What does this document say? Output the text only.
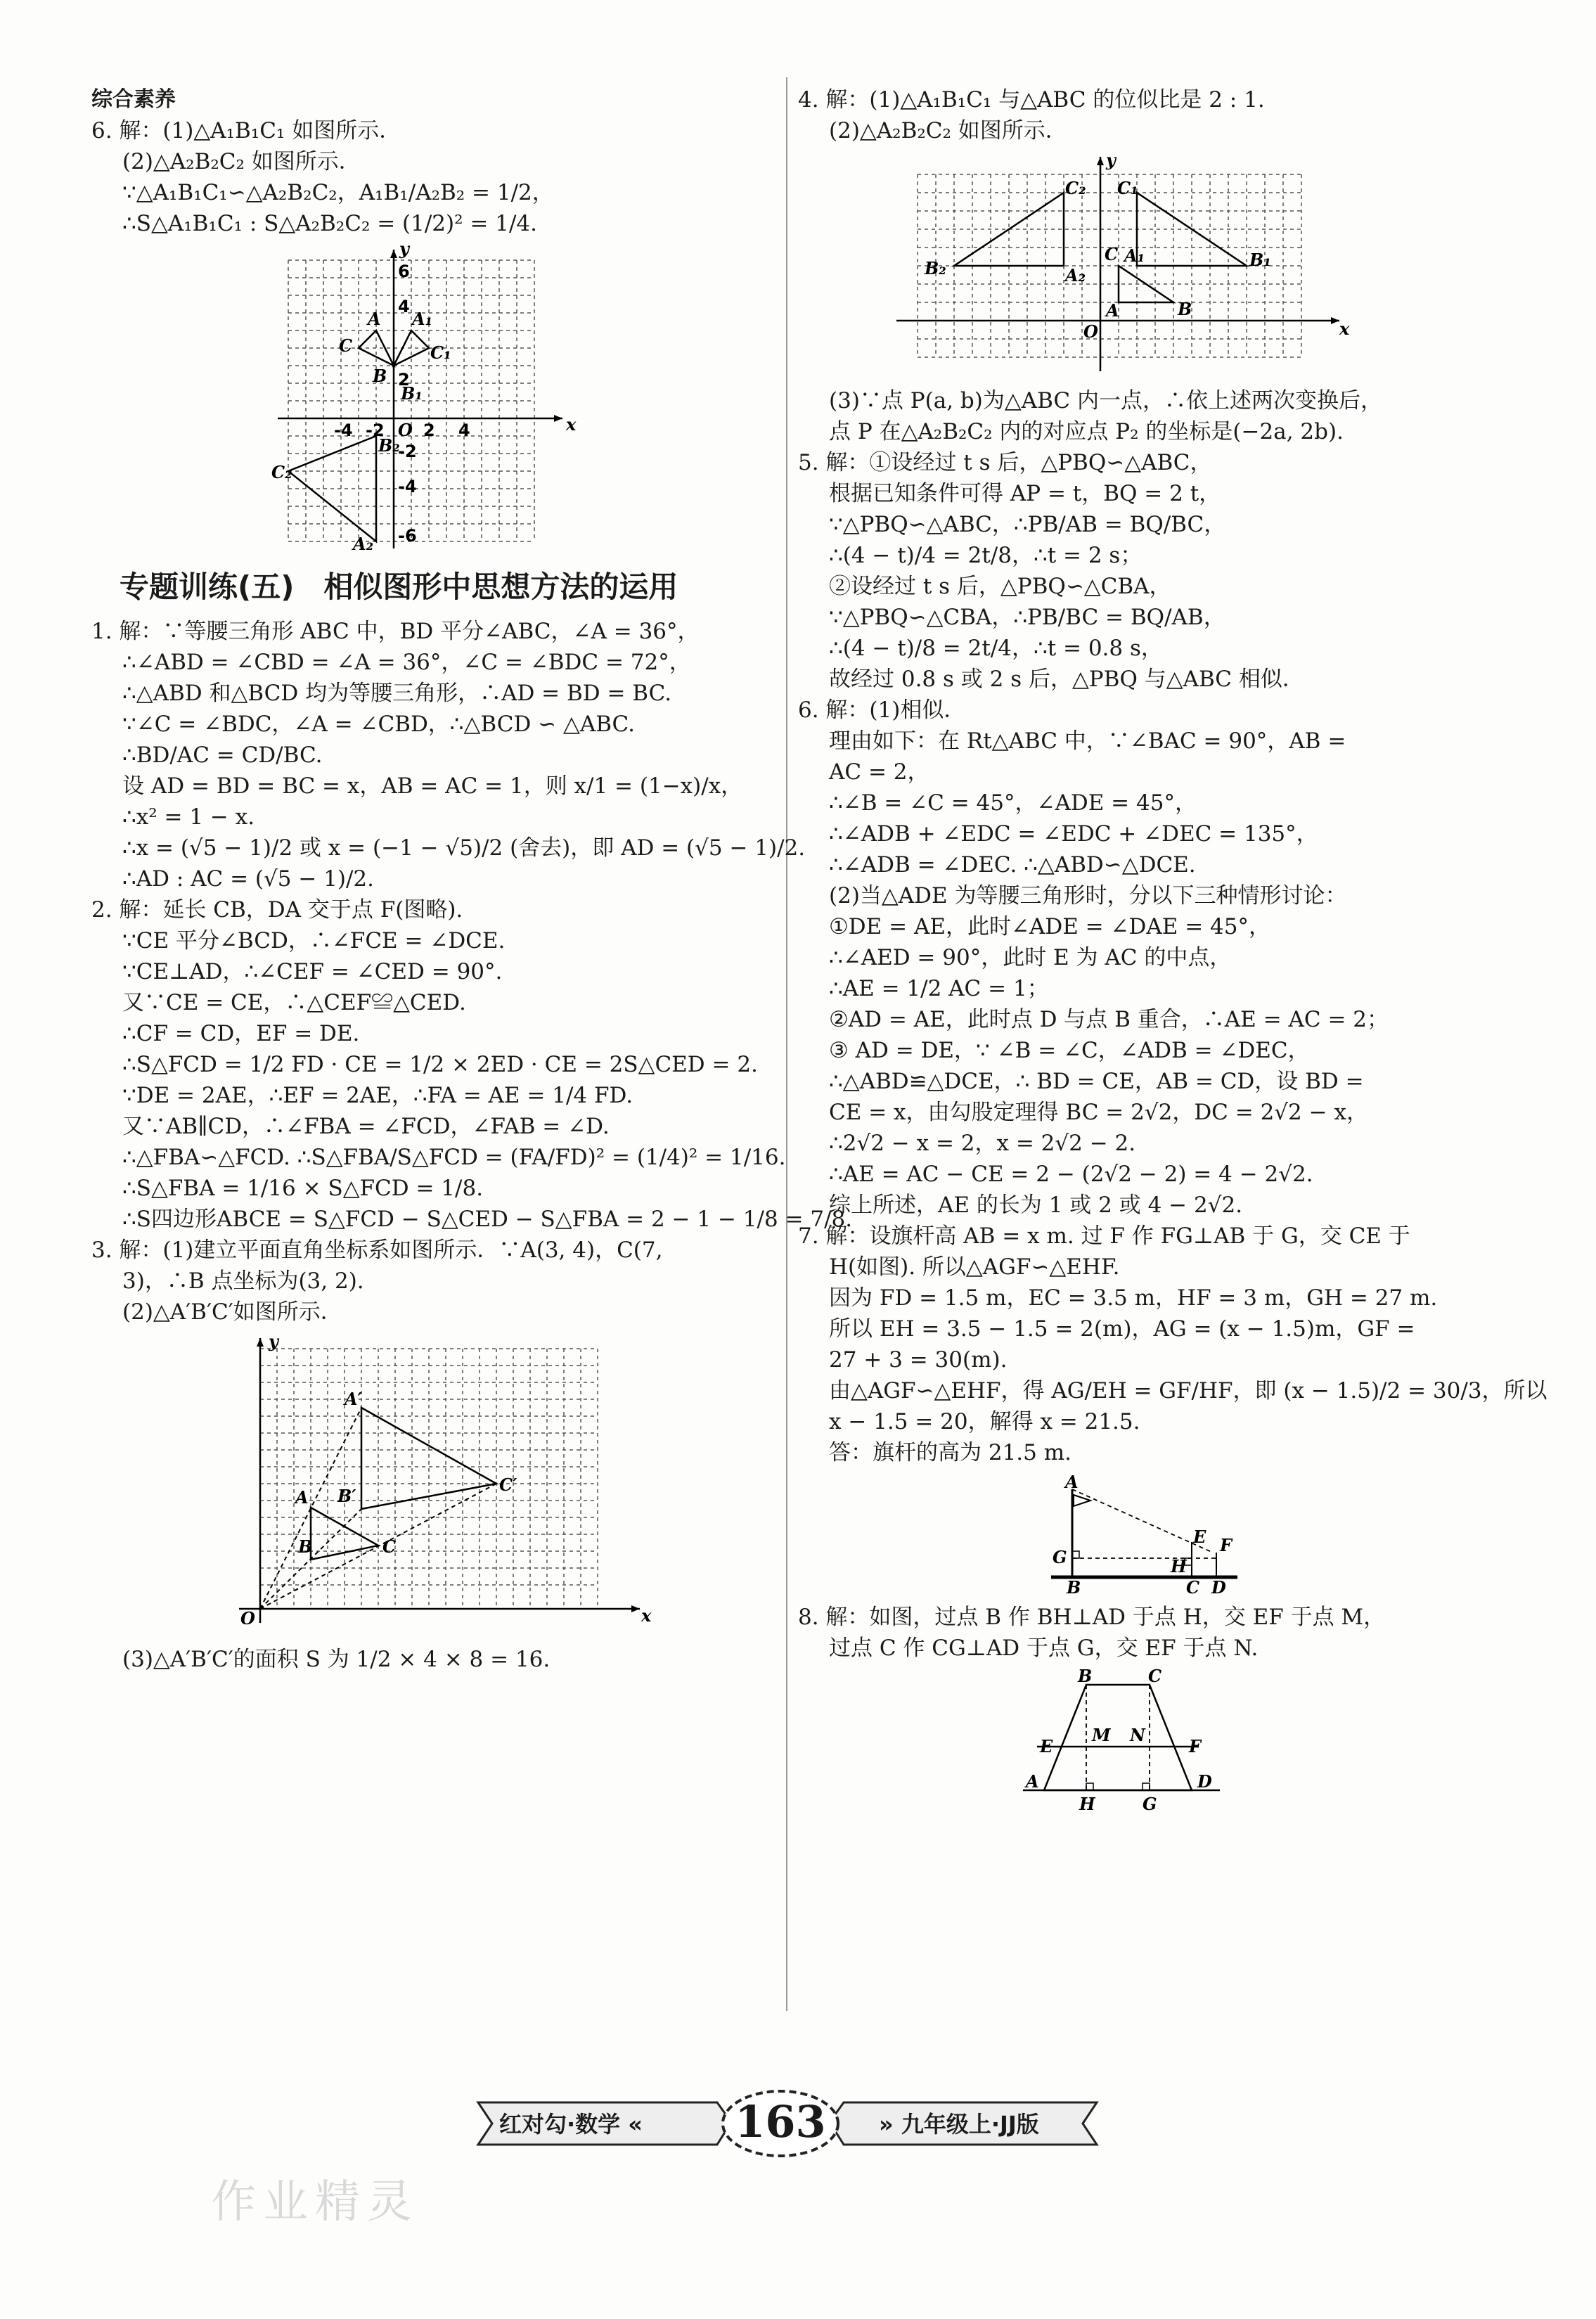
综合素养
6. 解：(1)△A₁B₁C₁ 如图所示．
(2)△A₂B₂C₂ 如图所示．
∵△A₁B₁C₁∽△A₂B₂C₂，A₁B₁/A₂B₂ = 1/2，
∴S△A₁B₁C₁ : S△A₂B₂C₂ = (1/2)² = 1/4.
y
x
6
4
2
-4 -2 O 2 4
-2
-4
-6
A A₁
C	C₁
B
B₁
B₂
C₂
A₂
专题训练(五)　相似图形中思想方法的运用
1. 解：∵等腰三角形 ABC 中，BD 平分∠ABC，∠A = 36°，
∴∠ABD = ∠CBD = ∠A = 36°，∠C = ∠BDC = 72°，
∴△ABD 和△BCD 均为等腰三角形，∴AD = BD = BC.
∵∠C = ∠BDC，∠A = ∠CBD，∴△BCD ∽ △ABC.
∴BD/AC = CD/BC.
设 AD = BD = BC = x，AB = AC = 1，则 x/1 = (1−x)/x，
∴x² = 1 − x.
∴x = (√5 − 1)/2 或 x = (−1 − √5)/2 (舍去)，即 AD = (√5 − 1)/2.
∴AD : AC = (√5 − 1)/2.
2. 解：延长 CB，DA 交于点 F(图略).
∵CE 平分∠BCD，∴∠FCE = ∠DCE.
∵CE⊥AD，∴∠CEF = ∠CED = 90°.
又∵CE = CE，∴△CEF≌△CED.
∴CF = CD，EF = DE.
∴S△FCD = 1/2 FD · CE = 1/2 × 2ED · CE = 2S△CED = 2.
∵DE = 2AE，∴EF = 2AE，∴FA = AE = 1/4 FD.
又∵AB∥CD，∴∠FBA = ∠FCD，∠FAB = ∠D.
∴△FBA∽△FCD. ∴S△FBA/S△FCD = (FA/FD)² = (1/4)² = 1/16.
∴S△FBA = 1/16 × S△FCD = 1/8.
∴S四边形ABCE = S△FCD − S△CED − S△FBA = 2 − 1 − 1/8 = 7/8.
3. 解：(1)建立平面直角坐标系如图所示．∵A(3, 4)，C(7,
3)，∴B 点坐标为(3, 2).
(2)△A′B′C′如图所示．
y
x
O
A′
A B′
B
C′
C
(3)△A′B′C′的面积 S 为 1/2 × 4 × 8 = 16.
4. 解：(1)△A₁B₁C₁ 与△ABC 的位似比是 2 : 1.
(2)△A₂B₂C₂ 如图所示．
y
x
O
C₂
B₂	A₂
C₁
C A₁	B₁
A	B
(3)∵点 P(a, b)为△ABC 内一点，∴依上述两次变换后，
点 P 在△A₂B₂C₂ 内的对应点 P₂ 的坐标是(−2a, 2b).
5. 解：①设经过 t s 后，△PBQ∽△ABC，
根据已知条件可得 AP = t，BQ = 2 t，
∵△PBQ∽△ABC，∴PB/AB = BQ/BC，
∴(4 − t)/4 = 2t/8，∴t = 2 s；
②设经过 t s 后，△PBQ∽△CBA，
∵△PBQ∽△CBA，∴PB/BC = BQ/AB，
∴(4 − t)/8 = 2t/4，∴t = 0.8 s，
故经过 0.8 s 或 2 s 后，△PBQ 与△ABC 相似．
6. 解：(1)相似．
理由如下：在 Rt△ABC 中，∵∠BAC = 90°，AB =
AC = 2，
∴∠B = ∠C = 45°，∠ADE = 45°，
∴∠ADB + ∠EDC = ∠EDC + ∠DEC = 135°，
∴∠ADB = ∠DEC. ∴△ABD∽△DCE.
(2)当△ADE 为等腰三角形时，分以下三种情形讨论：
①DE = AE，此时∠ADE = ∠DAE = 45°，
∴∠AED = 90°，此时 E 为 AC 的中点，
∴AE = 1/2 AC = 1；
②AD = AE，此时点 D 与点 B 重合，∴AE = AC = 2；
③ AD = DE，∵ ∠B = ∠C，∠ADB = ∠DEC，
∴△ABD≌△DCE，∴ BD = CE，AB = CD，设 BD =
CE = x，由勾股定理得 BC = 2√2，DC = 2√2 − x，
∴2√2 − x = 2，x = 2√2 − 2.
∴AE = AC − CE = 2 − (2√2 − 2) = 4 − 2√2.
综上所述，AE 的长为 1 或 2 或 4 − 2√2.
7. 解：设旗杆高 AB = x m. 过 F 作 FG⊥AB 于 G，交 CE 于
H(如图). 所以△AGF∽△EHF.
因为 FD = 1.5 m，EC = 3.5 m，HF = 3 m，GH = 27 m.
所以 EH = 3.5 − 1.5 = 2(m)，AG = (x − 1.5)m，GF =
27 + 3 = 30(m).
由△AGF∽△EHF，得 AG/EH = GF/HF，即 (x − 1.5)/2 = 30/3，所以
x − 1.5 = 20，解得 x = 21.5.
答：旗杆的高为 21.5 m.
A
E F
G	H
B	C D
8. 解：如图，过点 B 作 BH⊥AD 于点 H，交 EF 于点 M，
过点 C 作 CG⊥AD 于点 G，交 EF 于点 N.
B	C
E
M N
F
A
H	G
D
红对勾·数学 «	163	» 九年级上·JJ版
作业精灵
